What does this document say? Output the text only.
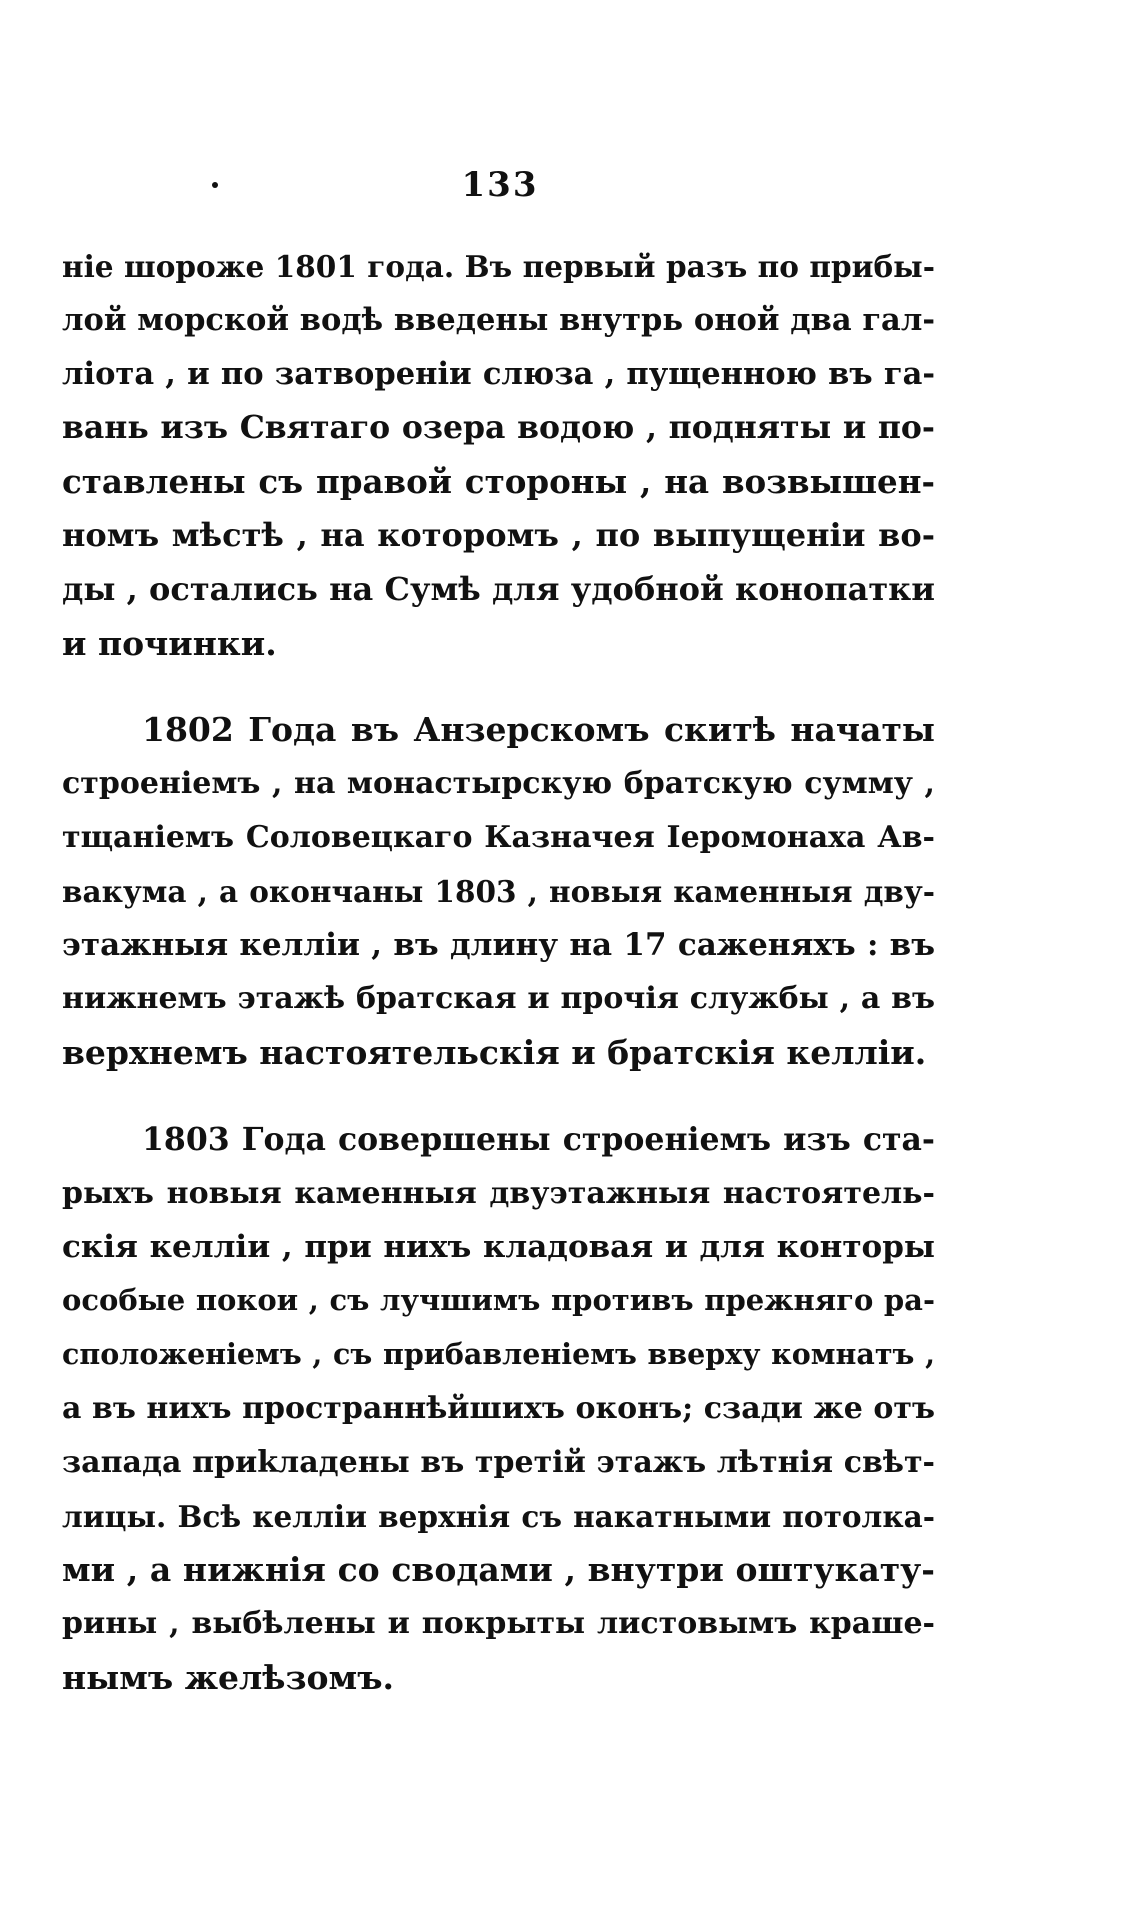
133
ніе шороже 1801 года. Въ первый разъ по прибы-
лой морской водѣ введены внутрь оной два гал-
ліота , и по затвореніи слюза , пущенною въ га-
вань изъ Святаго озера водою , подняты и по-
ставлены съ правой стороны , на возвышен-
номъ мѣстѣ , на которомъ , по выпущеніи во-
ды , остались на Сумѣ для удобной конопатки
и починки.
1802 Года въ Анзерскомъ скитѣ начаты
строеніемъ , на монастырскую братскую сумму ,
тщаніемъ Соловецкаго Казначея Іеромонаха Ав-
вакума , а окончаны 1803 , новыя каменныя дву-
этажныя келліи , въ длину на 17 саженяхъ : въ
нижнемъ этажѣ братская и прочія службы , а въ
верхнемъ настоятельскія и братскія келліи.
1803 Года совершены строеніемъ изъ ста-
рыхъ новыя каменныя двуэтажныя настоятель-
скія келліи , при нихъ кладовая и для конторы
особые покои , съ лучшимъ противъ прежняго ра-
сположеніемъ , съ прибавленіемъ вверху комнатъ ,
а въ нихъ пространнѣйшихъ оконъ; сзади же отъ
запада приkладены въ третій этажъ лѣтнія свѣт-
лицы. Всѣ келліи верхнія съ накатными потолка-
ми , а нижнія со сводами , внутри оштукату-
рины , выбѣлены и покрыты листовымъ краше-
нымъ желѣзомъ.
